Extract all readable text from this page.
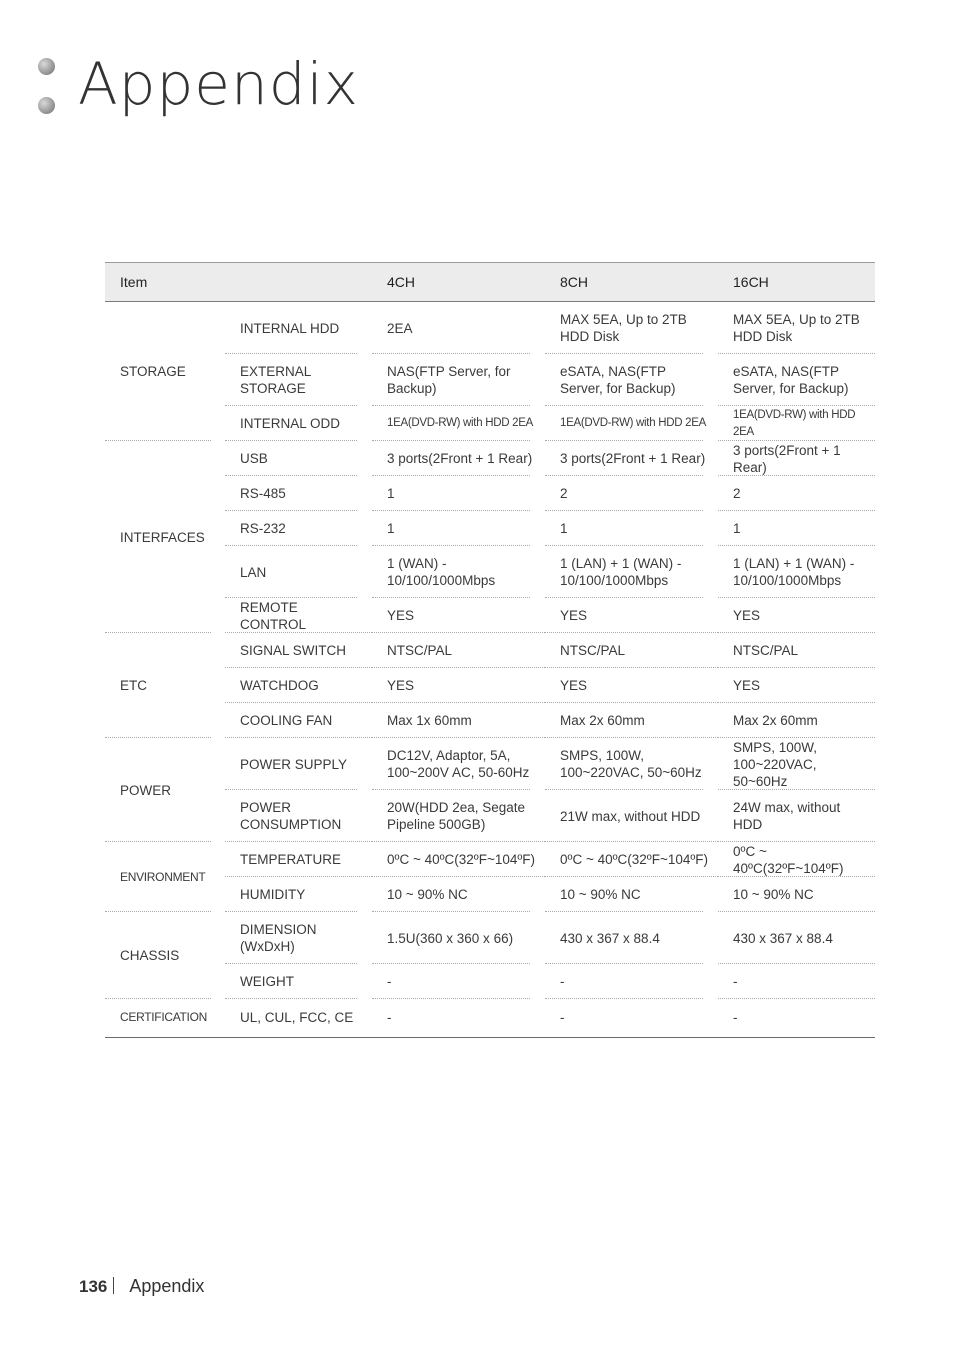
Appendix
Item		4CH	8CH	16CH
STORAGE	INTERNAL HDD	2EA	MAX 5EA, Up to 2TB HDD Disk	MAX 5EA, Up to 2TB HDD Disk
	EXTERNAL STORAGE	NAS(FTP Server, for Backup)	eSATA, NAS(FTP Server, for Backup)	eSATA, NAS(FTP Server, for Backup)
	INTERNAL ODD	1EA(DVD-RW) with HDD 2EA	1EA(DVD-RW) with HDD 2EA	1EA(DVD-RW) with HDD 2EA
INTERFACES	USB	3 ports(2Front + 1 Rear)	3 ports(2Front + 1 Rear)	3 ports(2Front + 1 Rear)
	RS-485	1	2	2
	RS-232	1	1	1
	LAN	1 (WAN) - 10/100/1000Mbps	1 (LAN) + 1 (WAN) - 10/100/1000Mbps	1 (LAN) + 1 (WAN) - 10/100/1000Mbps
	REMOTE CONTROL	YES	YES	YES
ETC	SIGNAL SWITCH	NTSC/PAL	NTSC/PAL	NTSC/PAL
	WATCHDOG	YES	YES	YES
	COOLING FAN	Max 1x 60mm	Max 2x 60mm	Max 2x 60mm
POWER	POWER SUPPLY	DC12V, Adaptor, 5A, 100~200V AC, 50-60Hz	SMPS, 100W, 100~220VAC, 50~60Hz	SMPS, 100W, 100~220VAC, 50~60Hz
	POWER CONSUMPTION	20W(HDD 2ea, Segate Pipeline 500GB)	21W max, without HDD	24W max, without HDD
ENVIRONMENT	TEMPERATURE	0ºC ~ 40ºC(32ºF~104ºF)	0ºC ~ 40ºC(32ºF~104ºF)	0ºC ~ 40ºC(32ºF~104ºF)
	HUMIDITY	10 ~ 90% NC	10 ~ 90% NC	10 ~ 90% NC
CHASSIS	DIMENSION (WxDxH)	1.5U(360 x 360 x 66)	430 x 367 x 88.4	430 x 367 x 88.4
	WEIGHT	-	-	-
CERTIFICATION	UL, CUL, FCC, CE	-	-	-
136 Appendix
